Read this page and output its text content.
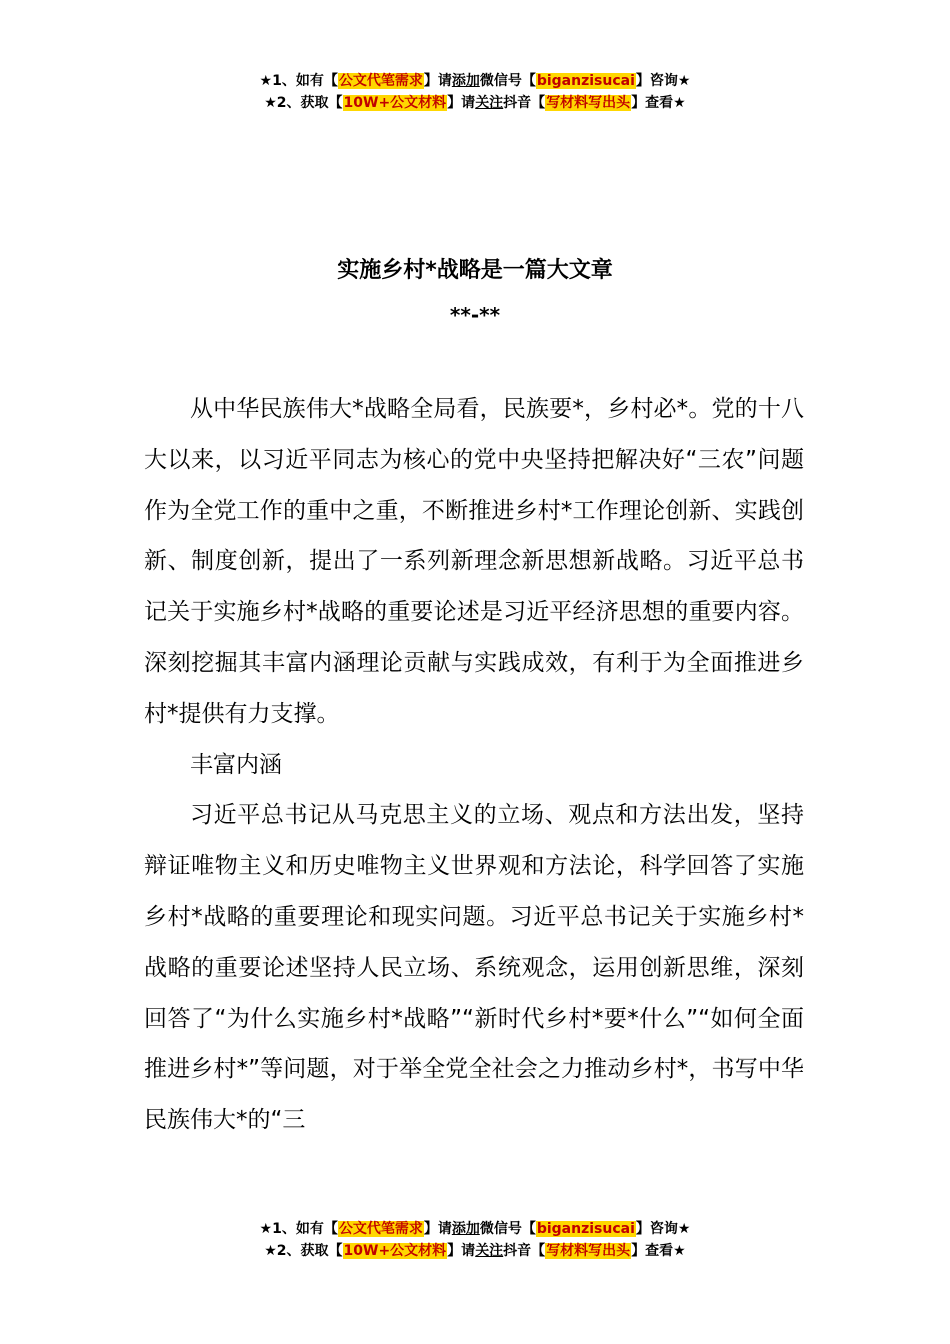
★1、如有【公文代笔需求】请添加微信号【biganzisucai】咨询★
★2、获取【10W+公文材料】请关注抖音【写材料写出头】查看★
实施乡村*战略是一篇大文章
**-**

从中华民族伟大*战略全局看，民族要*，乡村必*。党的十八大以来，以习近平同志为核心的党中央坚持把解决好“三农”问题作为全党工作的重中之重，不断推进乡村*工作理论创新、实践创新、制度创新，提出了一系列新理念新思想新战略。习近平总书记关于实施乡村*战略的重要论述是习近平经济思想的重要内容。深刻挖掘其丰富内涵理论贡献与实践成效，有利于为全面推进乡村*提供有力支撑。

丰富内涵

习近平总书记从马克思主义的立场、观点和方法出发，坚持辩证唯物主义和历史唯物主义世界观和方法论，科学回答了实施乡村*战略的重要理论和现实问题。习近平总书记关于实施乡村*战略的重要论述坚持人民立场、系统观念，运用创新思维，深刻回答了“为什么实施乡村*战略”“新时代乡村*要*什么”“如何全面推进乡村*”等问题，对于举全党全社会之力推动乡村*，书写中华民族伟大*的“三

★1、如有【公文代笔需求】请添加微信号【biganzisucai】咨询★
★2、获取【10W+公文材料】请关注抖音【写材料写出头】查看★
